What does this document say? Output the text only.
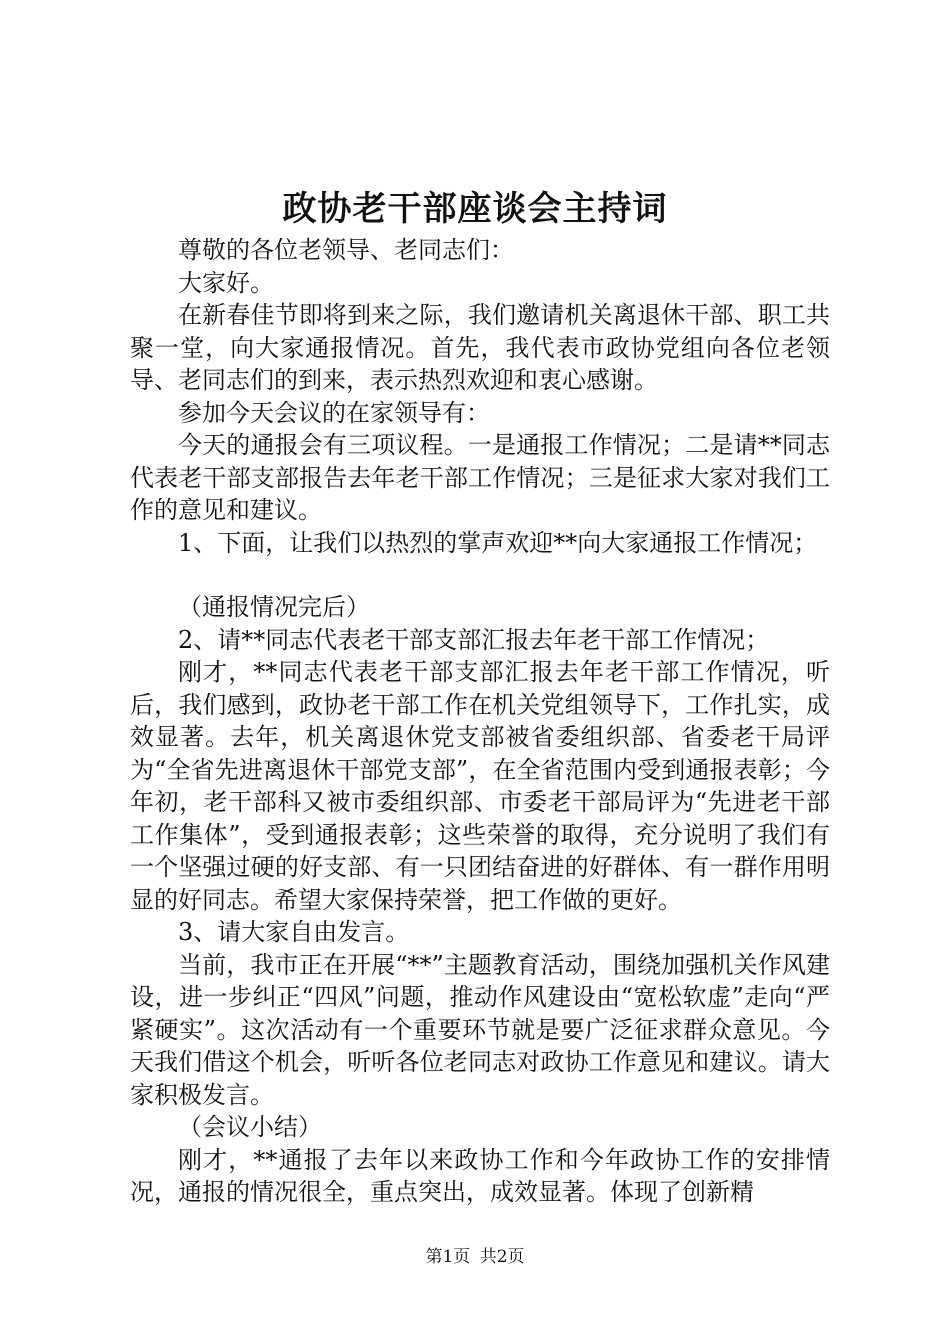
政协老干部座谈会主持词

尊敬的各位老领导、老同志们：

大家好。

在新春佳节即将到来之际，我们邀请机关离退休干部、职工共聚一堂，向大家通报情况。首先，我代表市政协党组向各位老领导、老同志们的到来，表示热烈欢迎和衷心感谢。

参加今天会议的在家领导有：

今天的通报会有三项议程。一是通报工作情况；二是请**同志代表老干部支部报告去年老干部工作情况；三是征求大家对我们工作的意见和建议。

1、下面，让我们以热烈的掌声欢迎**向大家通报工作情况；

（通报情况完后）

2、请**同志代表老干部支部汇报去年老干部工作情况；

刚才，**同志代表老干部支部汇报去年老干部工作情况，听后，我们感到，政协老干部工作在机关党组领导下，工作扎实，成效显著。去年，机关离退休党支部被省委组织部、省委老干局评为“全省先进离退休干部党支部”，在全省范围内受到通报表彰；今年初，老干部科又被市委组织部、市委老干部局评为“先进老干部工作集体”，受到通报表彰；这些荣誉的取得，充分说明了我们有一个坚强过硬的好支部、有一只团结奋进的好群体、有一群作用明显的好同志。希望大家保持荣誉，把工作做的更好。

3、请大家自由发言。

当前，我市正在开展“**”主题教育活动，围绕加强机关作风建设，进一步纠正“四风”问题，推动作风建设由“宽松软虚”走向“严紧硬实”。这次活动有一个重要环节就是要广泛征求群众意见。今天我们借这个机会，听听各位老同志对政协工作意见和建议。请大家积极发言。

（会议小结）

刚才，**通报了去年以来政协工作和今年政协工作的安排情况，通报的情况很全，重点突出，成效显著。体现了创新精

第1页 共2页
